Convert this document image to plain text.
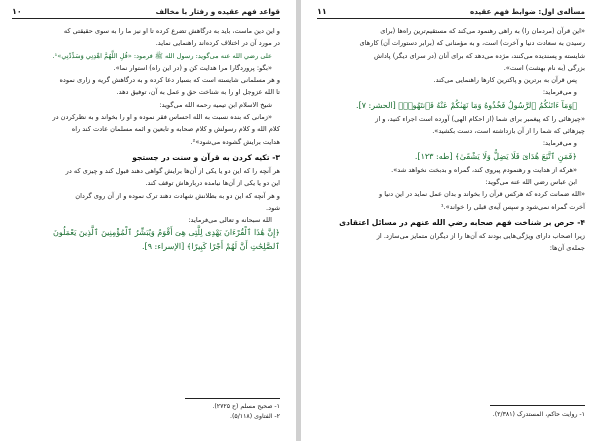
مسأله‌ی اول: ضوابط فهم عقیده
۱۱

«این قرآن (مردمان را) به راهی رهنمود می‌کند که مستقیم‌ترین راه‌ها (برای

رسیدن به سعادت دنیا و آخرت) است، و به مؤمنانی که (برابر دستورات آن) کارهای

شایسته و پسندیده می‌کنند، مژده می‌دهد که برای آنان (در سرای دیگر) پاداش

بزرگی (به نام بهشت) است».

پس قرآن به برترین و پاکترین کارها راهنمایی می‌کند.

و می‌فرماید:

﴿وَمَآ ءَاتَىٰكُمُ ٱلرَّسُولُ فَخُذُوهُ وَمَا نَهَىٰكُمْ عَنْهُ فَٱنتَهُوا۟﴾ [الحشر: ۷].

«چیزهائی را که پیغمبر برای شما (از احکام الهی) آورده است اجراء کنید، و از

چیزهائی که شما را از آن بازداشته است، دست بکشید».

و می‌فرماید:

﴿فَمَنِ ٱتَّبَعَ هُدَاىَ فَلَا يَضِلُّ وَلَا يَشْقَىٰ﴾ [طه: ۱۲۳].

«هرکه از هدایت و رهنمودم پیروی کند، گمراه و بدبخت نخواهد شد».

ابن عباس رضي الله عنه می‌گوید:

«الله ضمانت کرده که هرکس قرآن را بخواند و بدان عمل نماید در این دنیا و

آخرت گمراه نمی‌شود و سپس آیه‌ی قبلی را خواند».¹

۴- حرص بر شناخت فهم صحابه رضي الله عنهم در مسائل اعتقادی

زیرا اصحاب دارای ویژگی‌هایی بودند که آن‌ها را از دیگران متمایز می‌سازد. از

جمله‌ی آن‌ها:

۱- روایت حاکم، المستدرک (۲/۳۸۱).

قواعد فهم عقیده و رفتار با مخالف
۱۰

و این دین ماست، باید به درگاهش تضرع کرده تا او نیز ما را به سوی حقیقتی که

در مورد آن در اختلاف کرده‌اند راهنمایی نماید.

علی رضي الله عنه می‌گوید: رسول الله ﷺ فرمود: «قُلِ اللَّهُمَّ اهْدِنِي وَسَدِّدْنِي»¹.

«بگو: پروردگارا مرا هدایت کن و (در این راه) استوار نما».

و هر مسلمانی شایسته است که بسیار دعا کرده و به درگاهش گریه و زاری نموده

تا الله عزوجل او را به شناخت حق و عمل به آن، توفیق دهد.

شیخ الاسلام ابن تیمیه رحمه الله می‌گوید:

«زمانی که بنده نسبت به الله احساس فقر نموده و او را بخواند و به نظرکردن در

کلام الله و کلام رسولش و کلام صحابه و تابعین و ائمه مسلمان عادت کند راه

هدایت برایش گشوده می‌شود»².

۳- تکیه کردن به قرآن و سنت در جستجو

هر آنچه را که این دو یا یکی از آن‌ها برایش گواهی دهند قبول کند و چیزی که در

این دو یا یکی از آن‌ها نیامده دربارهاش توقف کند.

و هر آنچه که این دو به بطلانش شهادت دهند ترک نموده و از آن روی گردان

شود.

الله سبحانه و تعالی می‌فرماید:

﴿إِنَّ هَٰذَا ٱلْقُرْءَانَ يَهْدِى لِلَّتِى هِىَ أَقْوَمُ وَيُبَشِّرُ ٱلْمُؤْمِنِينَ ٱلَّذِينَ يَعْمَلُونَ

ٱلصَّٰلِحَٰتِ أَنَّ لَهُمْ أَجْرًا كَبِيرًا﴾ [الإسراء: ۹].

۱- صحیح مسلم (ح ۲۷۲۵).

۲- الفتاوی (۵/۱۱۸).
